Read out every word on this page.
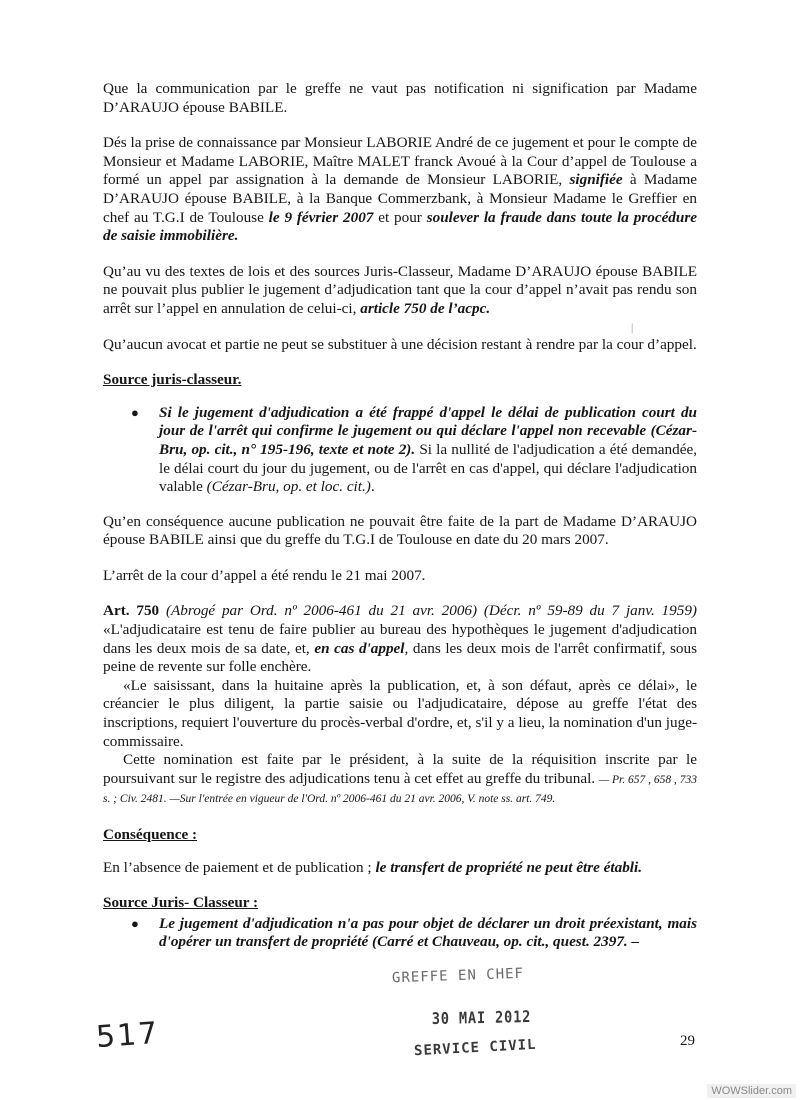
Que la communication par le greffe ne vaut pas notification ni signification par Madame D’ARAUJO épouse BABILE.

Dés la prise de connaissance par Monsieur LABORIE André de ce jugement et pour le compte de Monsieur et Madame LABORIE, Maître MALET franck Avoué à la Cour d’appel de Toulouse a formé un appel par assignation à la demande de Monsieur LABORIE, signifiée à Madame D’ARAUJO épouse BABILE, à la Banque Commerzbank, à Monsieur Madame le Greffier en chef au T.G.I de Toulouse le 9 février 2007 et pour soulever la fraude dans toute la procédure de saisie immobilière.

Qu’au vu des textes de lois et des sources Juris-Classeur, Madame D’ARAUJO épouse BABILE ne pouvait plus publier le jugement d’adjudication tant que la cour d’appel n’avait pas rendu son arrêt sur l’appel en annulation de celui-ci, article 750 de l’acpc.

Qu’aucun avocat et partie ne peut se substituer à une décision restant à rendre par la cour d’appel.

Source juris-classeur.
●	Si le jugement d'adjudication a été frappé d'appel le délai de publication court du jour de l'arrêt qui confirme le jugement ou qui déclare l'appel non recevable (Cézar-Bru, op. cit., n° 195-196, texte et note 2). Si la nullité de l'adjudication a été demandée, le délai court du jour du jugement, ou de l'arrêt en cas d'appel, qui déclare l'adjudication valable (Cézar-Bru, op. et loc. cit.).

Qu’en conséquence aucune publication ne pouvait être faite de la part de Madame D’ARAUJO épouse BABILE ainsi que du greffe du T.G.I de Toulouse en date du 20 mars 2007.

L’arrêt de la cour d’appel a été rendu le 21 mai 2007.

Art. 750 (Abrogé par Ord. nº 2006-461 du 21 avr. 2006) (Décr. nº 59-89 du 7 janv. 1959) «L'adjudicataire est tenu de faire publier au bureau des hypothèques le jugement d'adjudication dans les deux mois de sa date, et, en cas d'appel, dans les deux mois de l'arrêt confirmatif, sous peine de revente sur folle enchère.

«Le saisissant, dans la huitaine après la publication, et, à son défaut, après ce délai», le créancier le plus diligent, la partie saisie ou l'adjudicataire, dépose au greffe l'état des inscriptions, requiert l'ouverture du procès-verbal d'ordre, et, s'il y a lieu, la nomination d'un juge-commissaire.

Cette nomination est faite par le président, à la suite de la réquisition inscrite par le poursuivant sur le registre des adjudications tenu à cet effet au greffe du tribunal. — Pr. 657 , 658 , 733 s. ; Civ. 2481. —Sur l'entrée en vigueur de l'Ord. nº 2006-461 du 21 avr. 2006, V. note ss. art. 749.

Conséquence :

En l’absence de paiement et de publication ; le transfert de propriété ne peut être établi.

Source Juris- Classeur :
●	Le jugement d'adjudication n'a pas pour objet de déclarer un droit préexistant, mais d'opérer un transfert de propriété (Carré et Chauveau, op. cit., quest. 2397. –
❘
GREFFE EN CHEF
30 MAI 2012
SERVICE CIVIL
517	29
WOWSlider.com
